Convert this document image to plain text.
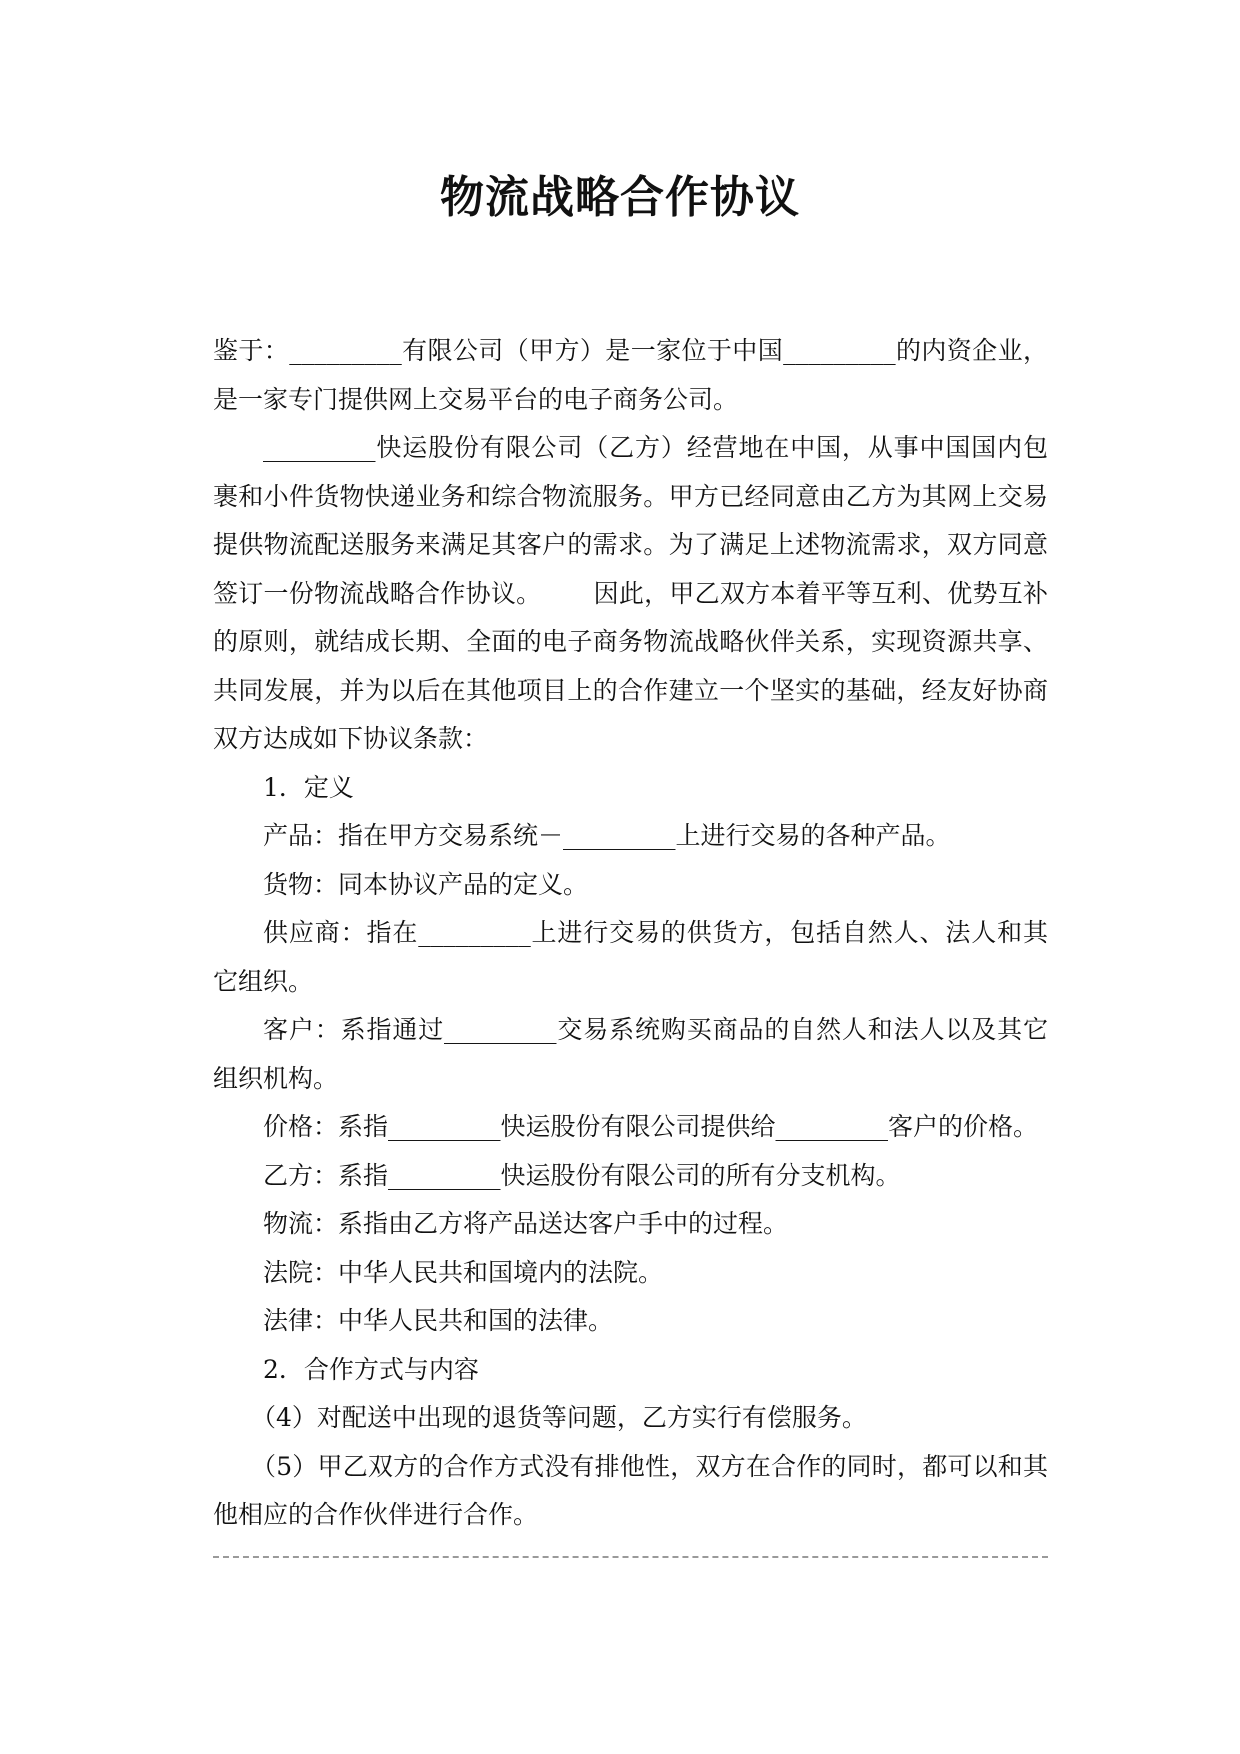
物流战略合作协议

鉴于：_________有限公司（甲方）是一家位于中国_________的内资企业，是一家专门提供网上交易平台的电子商务公司。

_________快运股份有限公司（乙方）经营地在中国，从事中国国内包裹和小件货物快递业务和综合物流服务。甲方已经同意由乙方为其网上交易提供物流配送服务来满足其客户的需求。为了满足上述物流需求，双方同意签订一份物流战略合作协议。 因此，甲乙双方本着平等互利、优势互补的原则，就结成长期、全面的电子商务物流战略伙伴关系，实现资源共享、共同发展，并为以后在其他项目上的合作建立一个坚实的基础，经友好协商双方达成如下协议条款：

1．定义

产品：指在甲方交易系统－_________上进行交易的各种产品。

货物：同本协议产品的定义。

供应商：指在_________上进行交易的供货方，包括自然人、法人和其它组织。

客户：系指通过_________交易系统购买商品的自然人和法人以及其它组织机构。

价格：系指_________快运股份有限公司提供给_________客户的价格。

乙方：系指_________快运股份有限公司的所有分支机构。

物流：系指由乙方将产品送达客户手中的过程。

法院：中华人民共和国境内的法院。

法律：中华人民共和国的法律。

2．合作方式与内容

（4）对配送中出现的退货等问题，乙方实行有偿服务。

（5）甲乙双方的合作方式没有排他性，双方在合作的同时，都可以和其他相应的合作伙伴进行合作。
